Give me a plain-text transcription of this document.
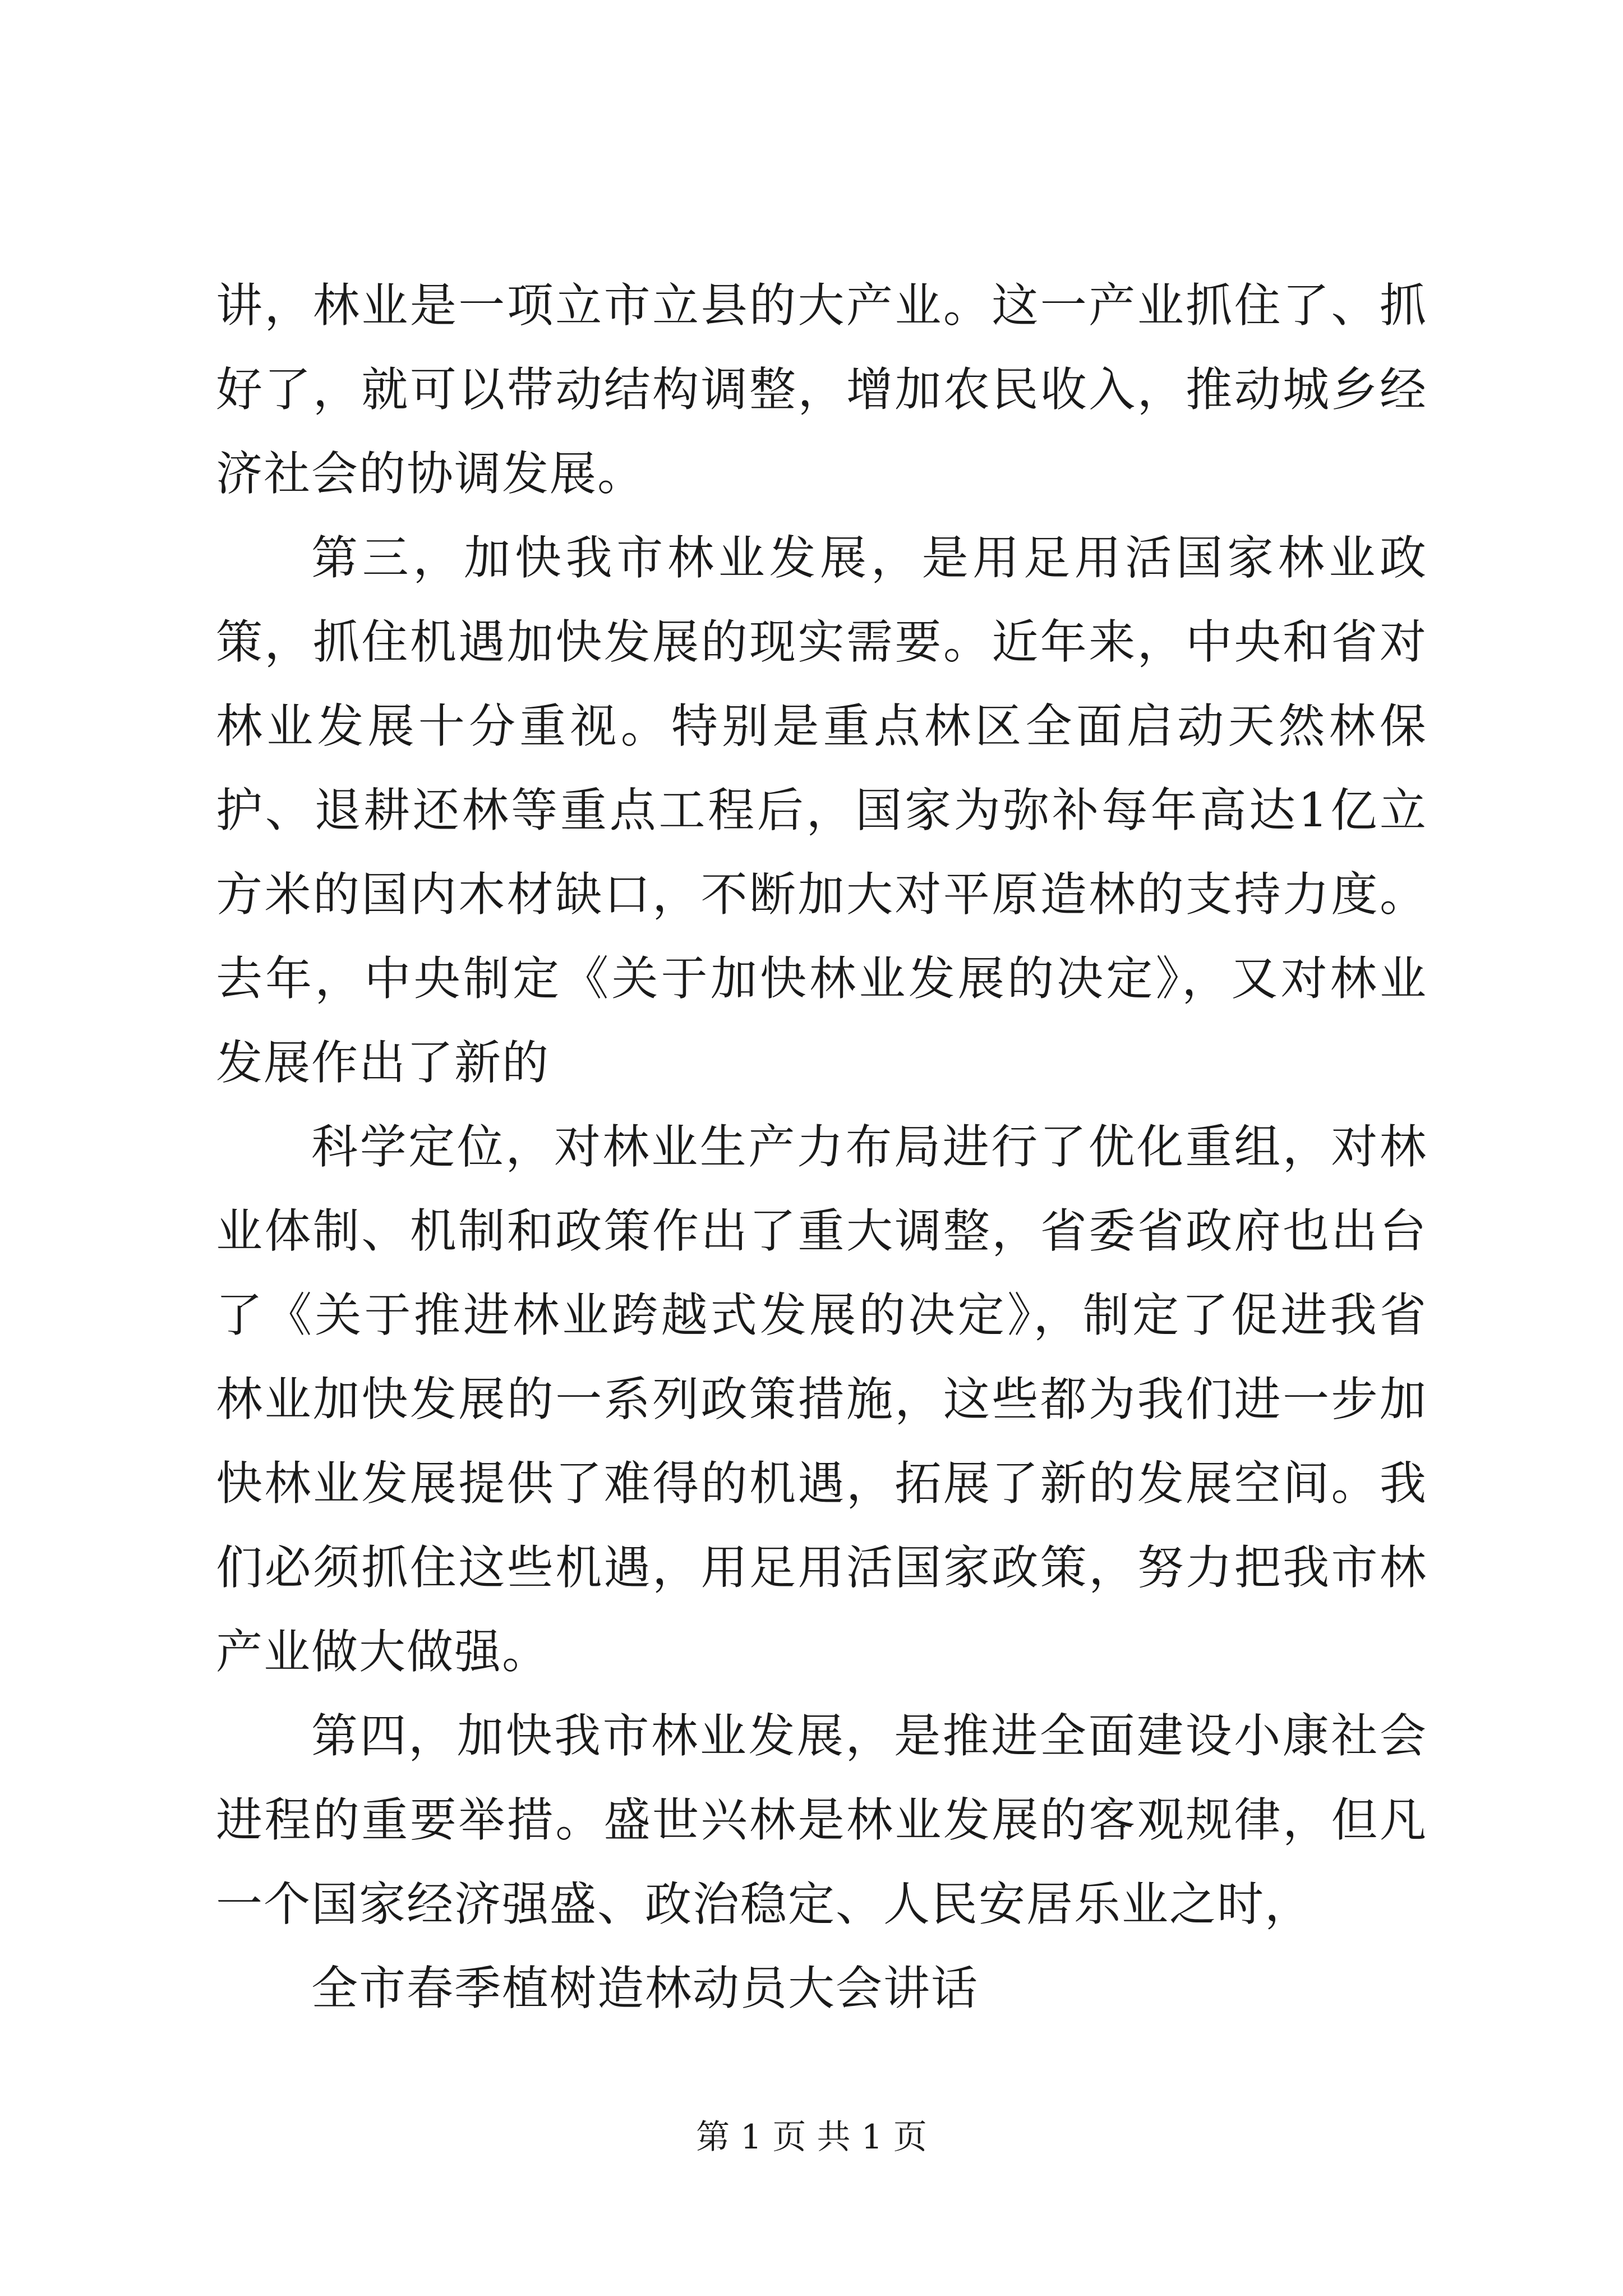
讲，林业是一项立市立县的大产业。这一产业抓住了、抓好了，就可以带动结构调整，增加农民收入，推动城乡经济社会的协调发展。

第三，加快我市林业发展，是用足用活国家林业政策，抓住机遇加快发展的现实需要。近年来，中央和省对林业发展十分重视。特别是重点林区全面启动天然林保护、退耕还林等重点工程后，国家为弥补每年高达1亿立方米的国内木材缺口，不断加大对平原造林的支持力度。去年，中央制定《关于加快林业发展的决定》，又对林业发展作出了新的

科学定位，对林业生产力布局进行了优化重组，对林业体制、机制和政策作出了重大调整，省委省政府也出台了《关于推进林业跨越式发展的决定》，制定了促进我省林业加快发展的一系列政策措施，这些都为我们进一步加快林业发展提供了难得的机遇，拓展了新的发展空间。我们必须抓住这些机遇，用足用活国家政策，努力把我市林产业做大做强。

第四，加快我市林业发展，是推进全面建设小康社会进程的重要举措。盛世兴林是林业发展的客观规律，但凡一个国家经济强盛、政治稳定、人民安居乐业之时，

全市春季植树造林动员大会讲话

第 1 页 共 1 页
